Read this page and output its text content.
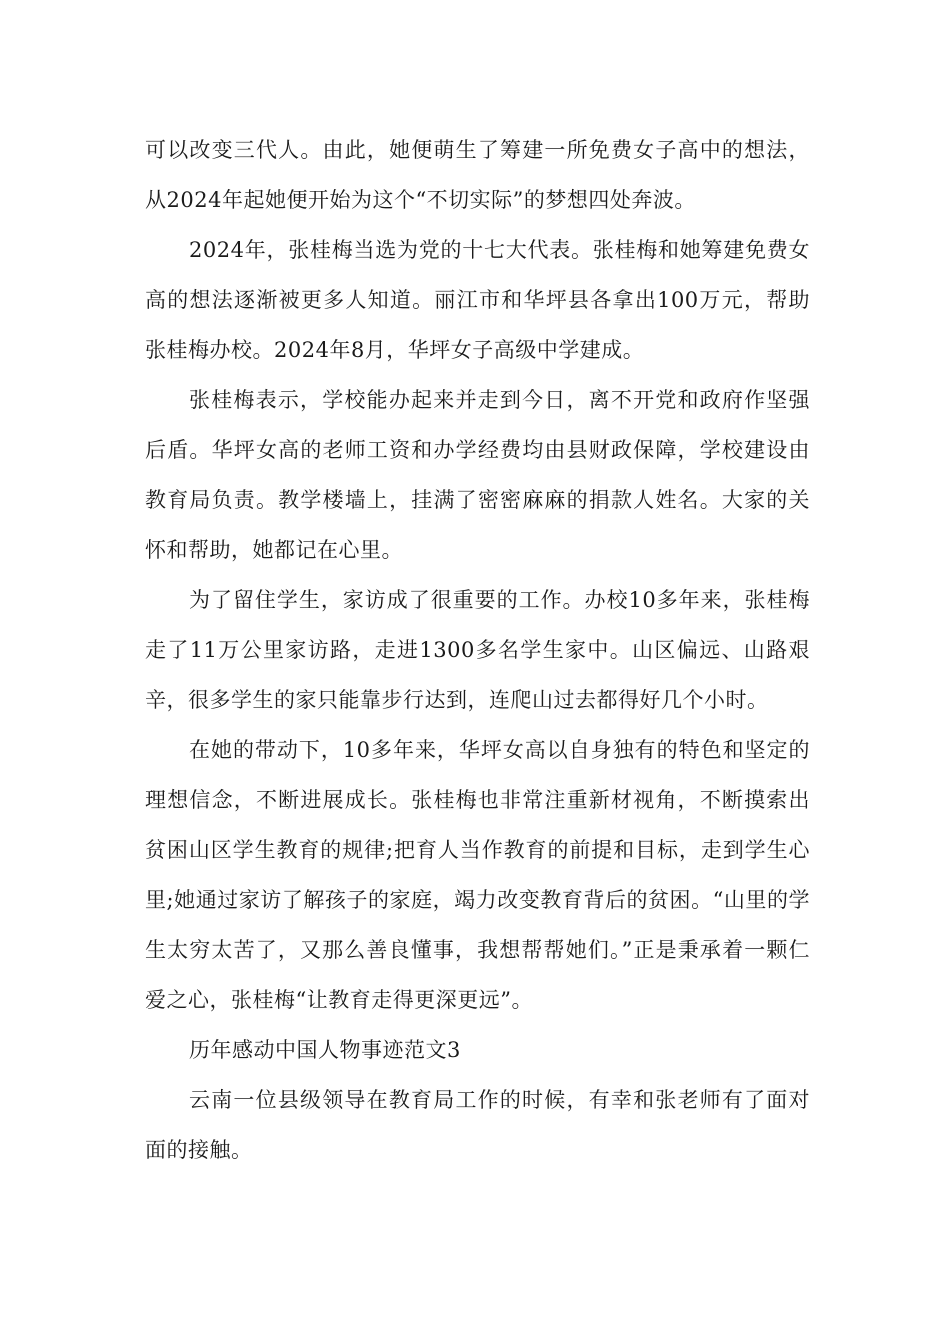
可以改变三代人。由此，她便萌生了筹建一所免费女子高中的想法，从2024年起她便开始为这个“不切实际”的梦想四处奔波。

2024年，张桂梅当选为党的十七大代表。张桂梅和她筹建免费女高的想法逐渐被更多人知道。丽江市和华坪县各拿出100万元，帮助张桂梅办校。2024年8月，华坪女子高级中学建成。

张桂梅表示，学校能办起来并走到今日，离不开党和政府作坚强后盾。华坪女高的老师工资和办学经费均由县财政保障，学校建设由教育局负责。教学楼墙上，挂满了密密麻麻的捐款人姓名。大家的关怀和帮助，她都记在心里。

为了留住学生，家访成了很重要的工作。办校10多年来，张桂梅走了11万公里家访路，走进1300多名学生家中。山区偏远、山路艰辛，很多学生的家只能靠步行达到，连爬山过去都得好几个小时。

在她的带动下，10多年来，华坪女高以自身独有的特色和坚定的理想信念，不断进展成长。张桂梅也非常注重新材视角，不断摸索出贫困山区学生教育的规律;把育人当作教育的前提和目标，走到学生心里;她通过家访了解孩子的家庭，竭力改变教育背后的贫困。“山里的学生太穷太苦了，又那么善良懂事，我想帮帮她们。”正是秉承着一颗仁爱之心，张桂梅“让教育走得更深更远”。

历年感动中国人物事迹范文3

云南一位县级领导在教育局工作的时候，有幸和张老师有了面对面的接触。
